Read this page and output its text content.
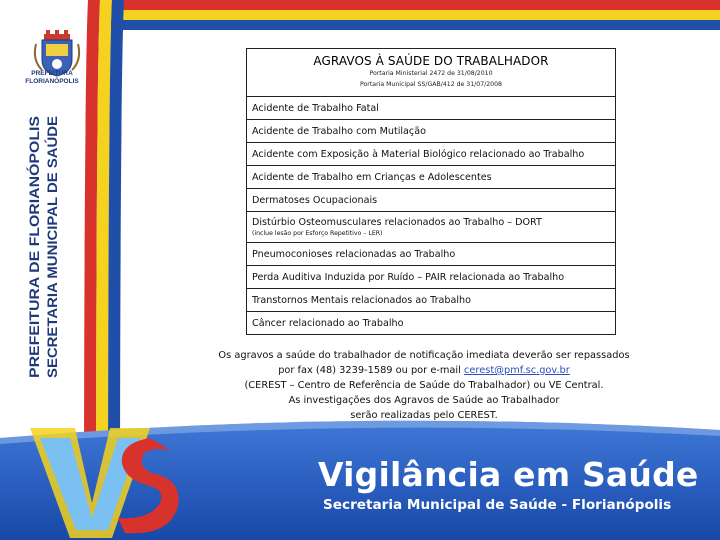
PREFEITURA
FLORIANÓPOLIS
PREFEITURA DE FLORIANÓPOLIS SECRETARIA MUNICIPAL DE SAÚDE
AGRAVOS À SAÚDE DO TRABALHADOR
Portaria Ministerial 2472 de 31/08/2010
Portaria Municipal SS/GAB/412 de 31/07/2008
Acidente de Trabalho Fatal
Acidente de Trabalho com Mutilação
Acidente com Exposição à Material Biológico relacionado ao Trabalho
Acidente de Trabalho em Crianças e Adolescentes
Dermatoses Ocupacionais
Distúrbio Osteomusculares relacionados ao Trabalho – DORT
(inclue lesão por Esforço Repetitivo – LER)
Pneumoconioses relacionadas ao Trabalho
Perda Auditiva Induzida por Ruído – PAIR relacionada ao Trabalho
Transtornos Mentais relacionados ao Trabalho
Câncer relacionado ao Trabalho
Os agravos a saúde do trabalhador de notificação imediata deverão ser repassados
por fax (48) 3239-1589 ou por e-mail cerest@pmf.sc.gov.br
(CEREST – Centro de Referência de Saúde do Trabalhador) ou VE Central.
As investigações dos Agravos de Saúde ao Trabalhador
serão realizadas pelo CEREST.
VS
Vigilância em Saúde
Secretaria Municipal de Saúde - Florianópolis
